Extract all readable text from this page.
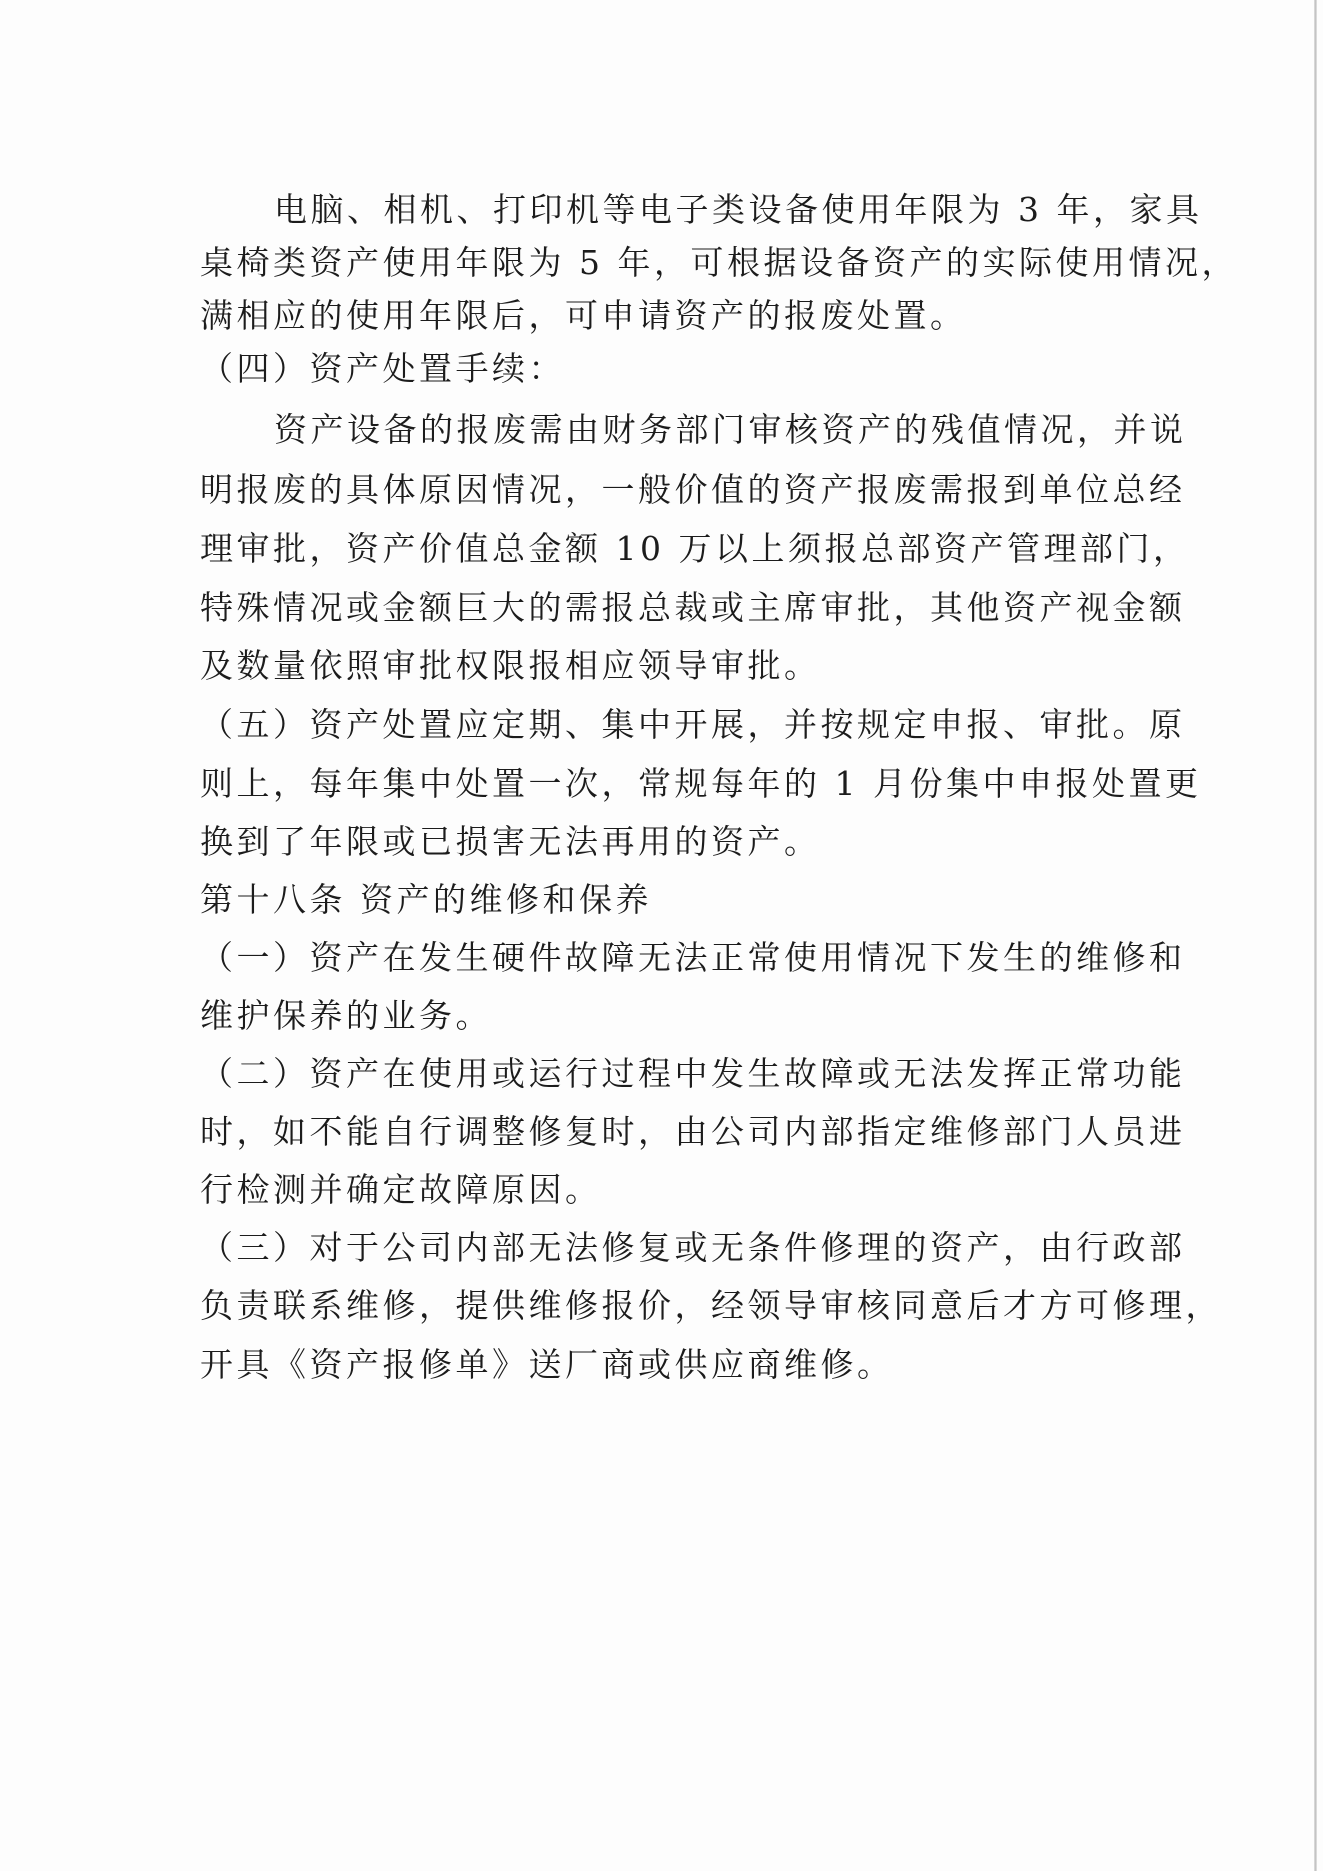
电脑、相机、打印机等电子类设备使用年限为 3 年，家具
桌椅类资产使用年限为 5 年，可根据设备资产的实际使用情况，
满相应的使用年限后，可申请资产的报废处置。
（四）资产处置手续：
资产设备的报废需由财务部门审核资产的残值情况，并说
明报废的具体原因情况，一般价值的资产报废需报到单位总经
理审批，资产价值总金额 10 万以上须报总部资产管理部门，
特殊情况或金额巨大的需报总裁或主席审批，其他资产视金额
及数量依照审批权限报相应领导审批。
（五）资产处置应定期、集中开展，并按规定申报、审批。原
则上，每年集中处置一次，常规每年的 1 月份集中申报处置更
换到了年限或已损害无法再用的资产。
第十八条 资产的维修和保养
（一）资产在发生硬件故障无法正常使用情况下发生的维修和
维护保养的业务。
（二）资产在使用或运行过程中发生故障或无法发挥正常功能
时，如不能自行调整修复时，由公司内部指定维修部门人员进
行检测并确定故障原因。
（三）对于公司内部无法修复或无条件修理的资产，由行政部
负责联系维修，提供维修报价，经领导审核同意后才方可修理，
开具《资产报修单》送厂商或供应商维修。
